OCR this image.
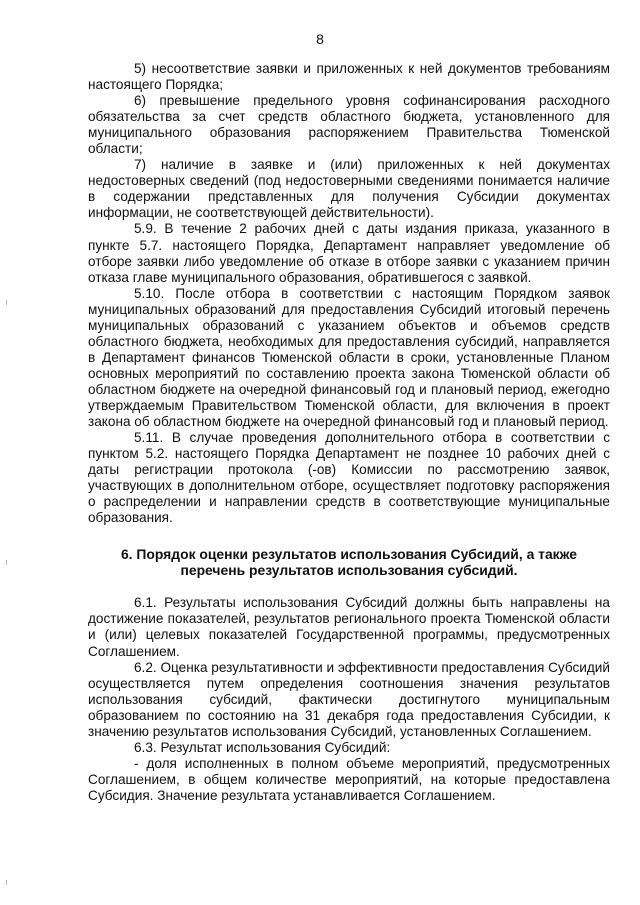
8

5) несоответствие заявки и приложенных к ней документов требованиям настоящего Порядка;

6) превышение предельного уровня софинансирования расходного обязательства за счет средств областного бюджета, установленного для муниципального образования распоряжением Правительства Тюменской области;

7) наличие в заявке и (или) приложенных к ней документах недостоверных сведений (под недостоверными сведениями понимается наличие в содержании представленных для получения Субсидии документах информации, не соответствующей действительности).

5.9. В течение 2 рабочих дней с даты издания приказа, указанного в пункте 5.7. настоящего Порядка, Департамент направляет уведомление об отборе заявки либо уведомление об отказе в отборе заявки с указанием причин отказа главе муниципального образования, обратившегося с заявкой.

5.10. После отбора в соответствии с настоящим Порядком заявок муниципальных образований для предоставления Субсидий итоговый перечень муниципальных образований с указанием объектов и объемов средств областного бюджета, необходимых для предоставления субсидий, направляется в Департамент финансов Тюменской области в сроки, установленные Планом основных мероприятий по составлению проекта закона Тюменской области об областном бюджете на очередной финансовый год и плановый период, ежегодно утверждаемым Правительством Тюменской области, для включения в проект закона об областном бюджете на очередной финансовый год и плановый период.

5.11. В случае проведения дополнительного отбора в соответствии с пунктом 5.2. настоящего Порядка Департамент не позднее 10 рабочих дней с даты регистрации протокола (-ов) Комиссии по рассмотрению заявок, участвующих в дополнительном отборе, осуществляет подготовку распоряжения о распределении и направлении средств в соответствующие муниципальные образования.

6. Порядок оценки результатов использования Субсидий, а также перечень результатов использования субсидий.

6.1. Результаты использования Субсидий должны быть направлены на достижение показателей, результатов регионального проекта Тюменской области и (или) целевых показателей Государственной программы, предусмотренных Соглашением.

6.2. Оценка результативности и эффективности предоставления Субсидий осуществляется путем определения соотношения значения результатов использования субсидий, фактически достигнутого муниципальным образованием по состоянию на 31 декабря года предоставления Субсидии, к значению результатов использования Субсидий, установленных Соглашением.

6.3. Результат использования Субсидий:

- доля исполненных в полном объеме мероприятий, предусмотренных Соглашением, в общем количестве мероприятий, на которые предоставлена Субсидия. Значение результата устанавливается Соглашением.
